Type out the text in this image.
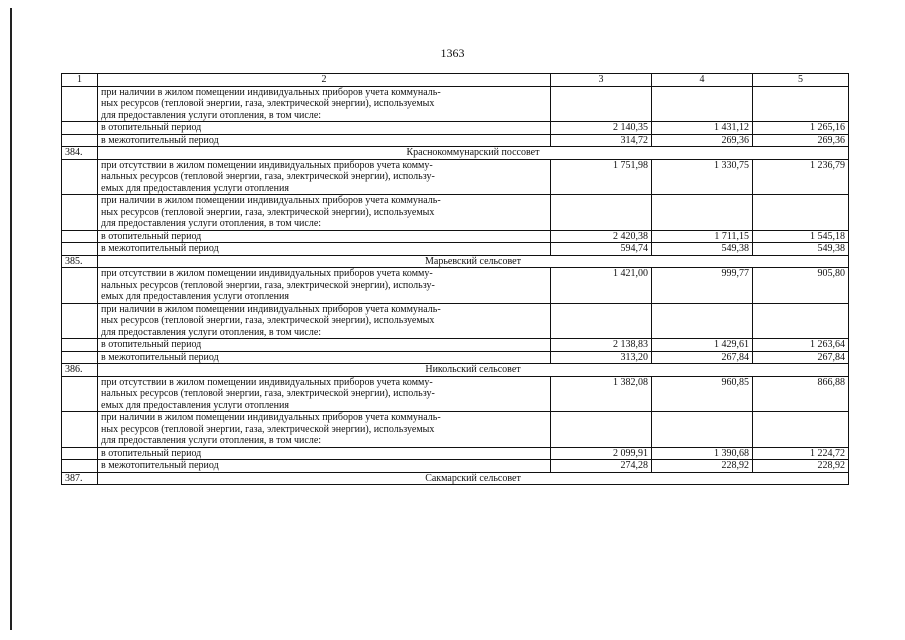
1363
1	2	3	4	5

	при наличии в жилом помещении индивидуальных приборов учета коммуналь-
ных ресурсов (тепловой энергии, газа, электрической энергии), используемых
для предоставления услуги отопления, в том числе:			

	в отопительный период	2 140,35	1 431,12	1 265,16
	в межотопительный период	314,72	269,36	269,36
384.	Краснокоммунарский поссовет			

	при отсутствии в жилом помещении индивидуальных приборов учета комму-
нальных ресурсов (тепловой энергии, газа, электрической энергии), использу-
емых для предоставления услуги отопления	1 751,98	1 330,75	1 236,79

	при наличии в жилом помещении индивидуальных приборов учета коммуналь-
ных ресурсов (тепловой энергии, газа, электрической энергии), используемых
для предоставления услуги отопления, в том числе:			

	в отопительный период	2 420,38	1 711,15	1 545,18
	в межотопительный период	594,74	549,38	549,38
385.	Марьевский сельсовет			

	при отсутствии в жилом помещении индивидуальных приборов учета комму-
нальных ресурсов (тепловой энергии, газа, электрической энергии), использу-
емых для предоставления услуги отопления	1 421,00	999,77	905,80

	при наличии в жилом помещении индивидуальных приборов учета коммуналь-
ных ресурсов (тепловой энергии, газа, электрической энергии), используемых
для предоставления услуги отопления, в том числе:			

	в отопительный период	2 138,83	1 429,61	1 263,64
	в межотопительный период	313,20	267,84	267,84
386.	Никольский сельсовет			

	при отсутствии в жилом помещении индивидуальных приборов учета комму-
нальных ресурсов (тепловой энергии, газа, электрической энергии), использу-
емых для предоставления услуги отопления	1 382,08	960,85	866,88

	при наличии в жилом помещении индивидуальных приборов учета коммуналь-
ных ресурсов (тепловой энергии, газа, электрической энергии), используемых
для предоставления услуги отопления, в том числе:			

	в отопительный период	2 099,91	1 390,68	1 224,72
	в межотопительный период	274,28	228,92	228,92
387.	Сакмарский сельсовет			
